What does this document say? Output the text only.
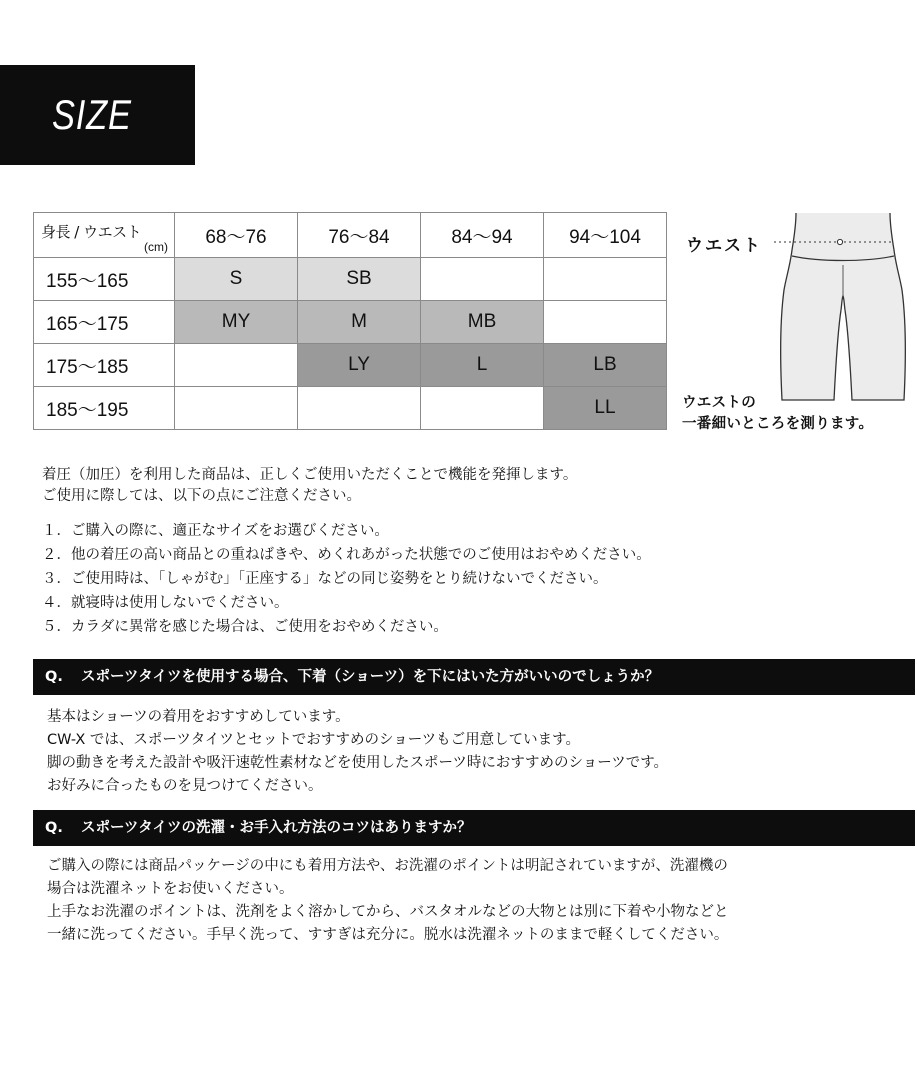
SIZE
身長 / ウエスト
(cm)	68〜76	76〜84	84〜94	94〜104
155〜165	S	SB		
165〜175	MY	M	MB	
175〜185		LY	L	LB
185〜195				LL
ウエスト
ウエストの
一番細いところを測ります。
着圧（加圧）を利用した商品は、正しくご使用いただくことで機能を発揮します。
ご使用に際しては、以下の点にご注意ください。
１．ご購入の際に、適正なサイズをお選びください。
２．他の着圧の高い商品との重ねばきや、めくれあがった状態でのご使用はおやめください。
３．ご使用時は、「しゃがむ」「正座する」などの同じ姿勢をとり続けないでください。
４．就寝時は使用しないでください。
５．カラダに異常を感じた場合は、ご使用をおやめください。
Q. スポーツタイツを使用する場合、下着（ショーツ）を下にはいた方がいいのでしょうか？

基本はショーツの着用をおすすめしています。

CW-X では、スポーツタイツとセットでおすすめのショーツもご用意しています。

脚の動きを考えた設計や吸汗速乾性素材などを使用したスポーツ時におすすめのショーツです。

お好みに合ったものを見つけてください。

Q. スポーツタイツの洗濯・お手入れ方法のコツはありますか？

ご購入の際には商品パッケージの中にも着用方法や、お洗濯のポイントは明記されていますが、洗濯機の

場合は洗濯ネットをお使いください。

上手なお洗濯のポイントは、洗剤をよく溶かしてから、バスタオルなどの大物とは別に下着や小物などと

一緒に洗ってください。手早く洗って、すすぎは充分に。脱水は洗濯ネットのままで軽くしてください。
